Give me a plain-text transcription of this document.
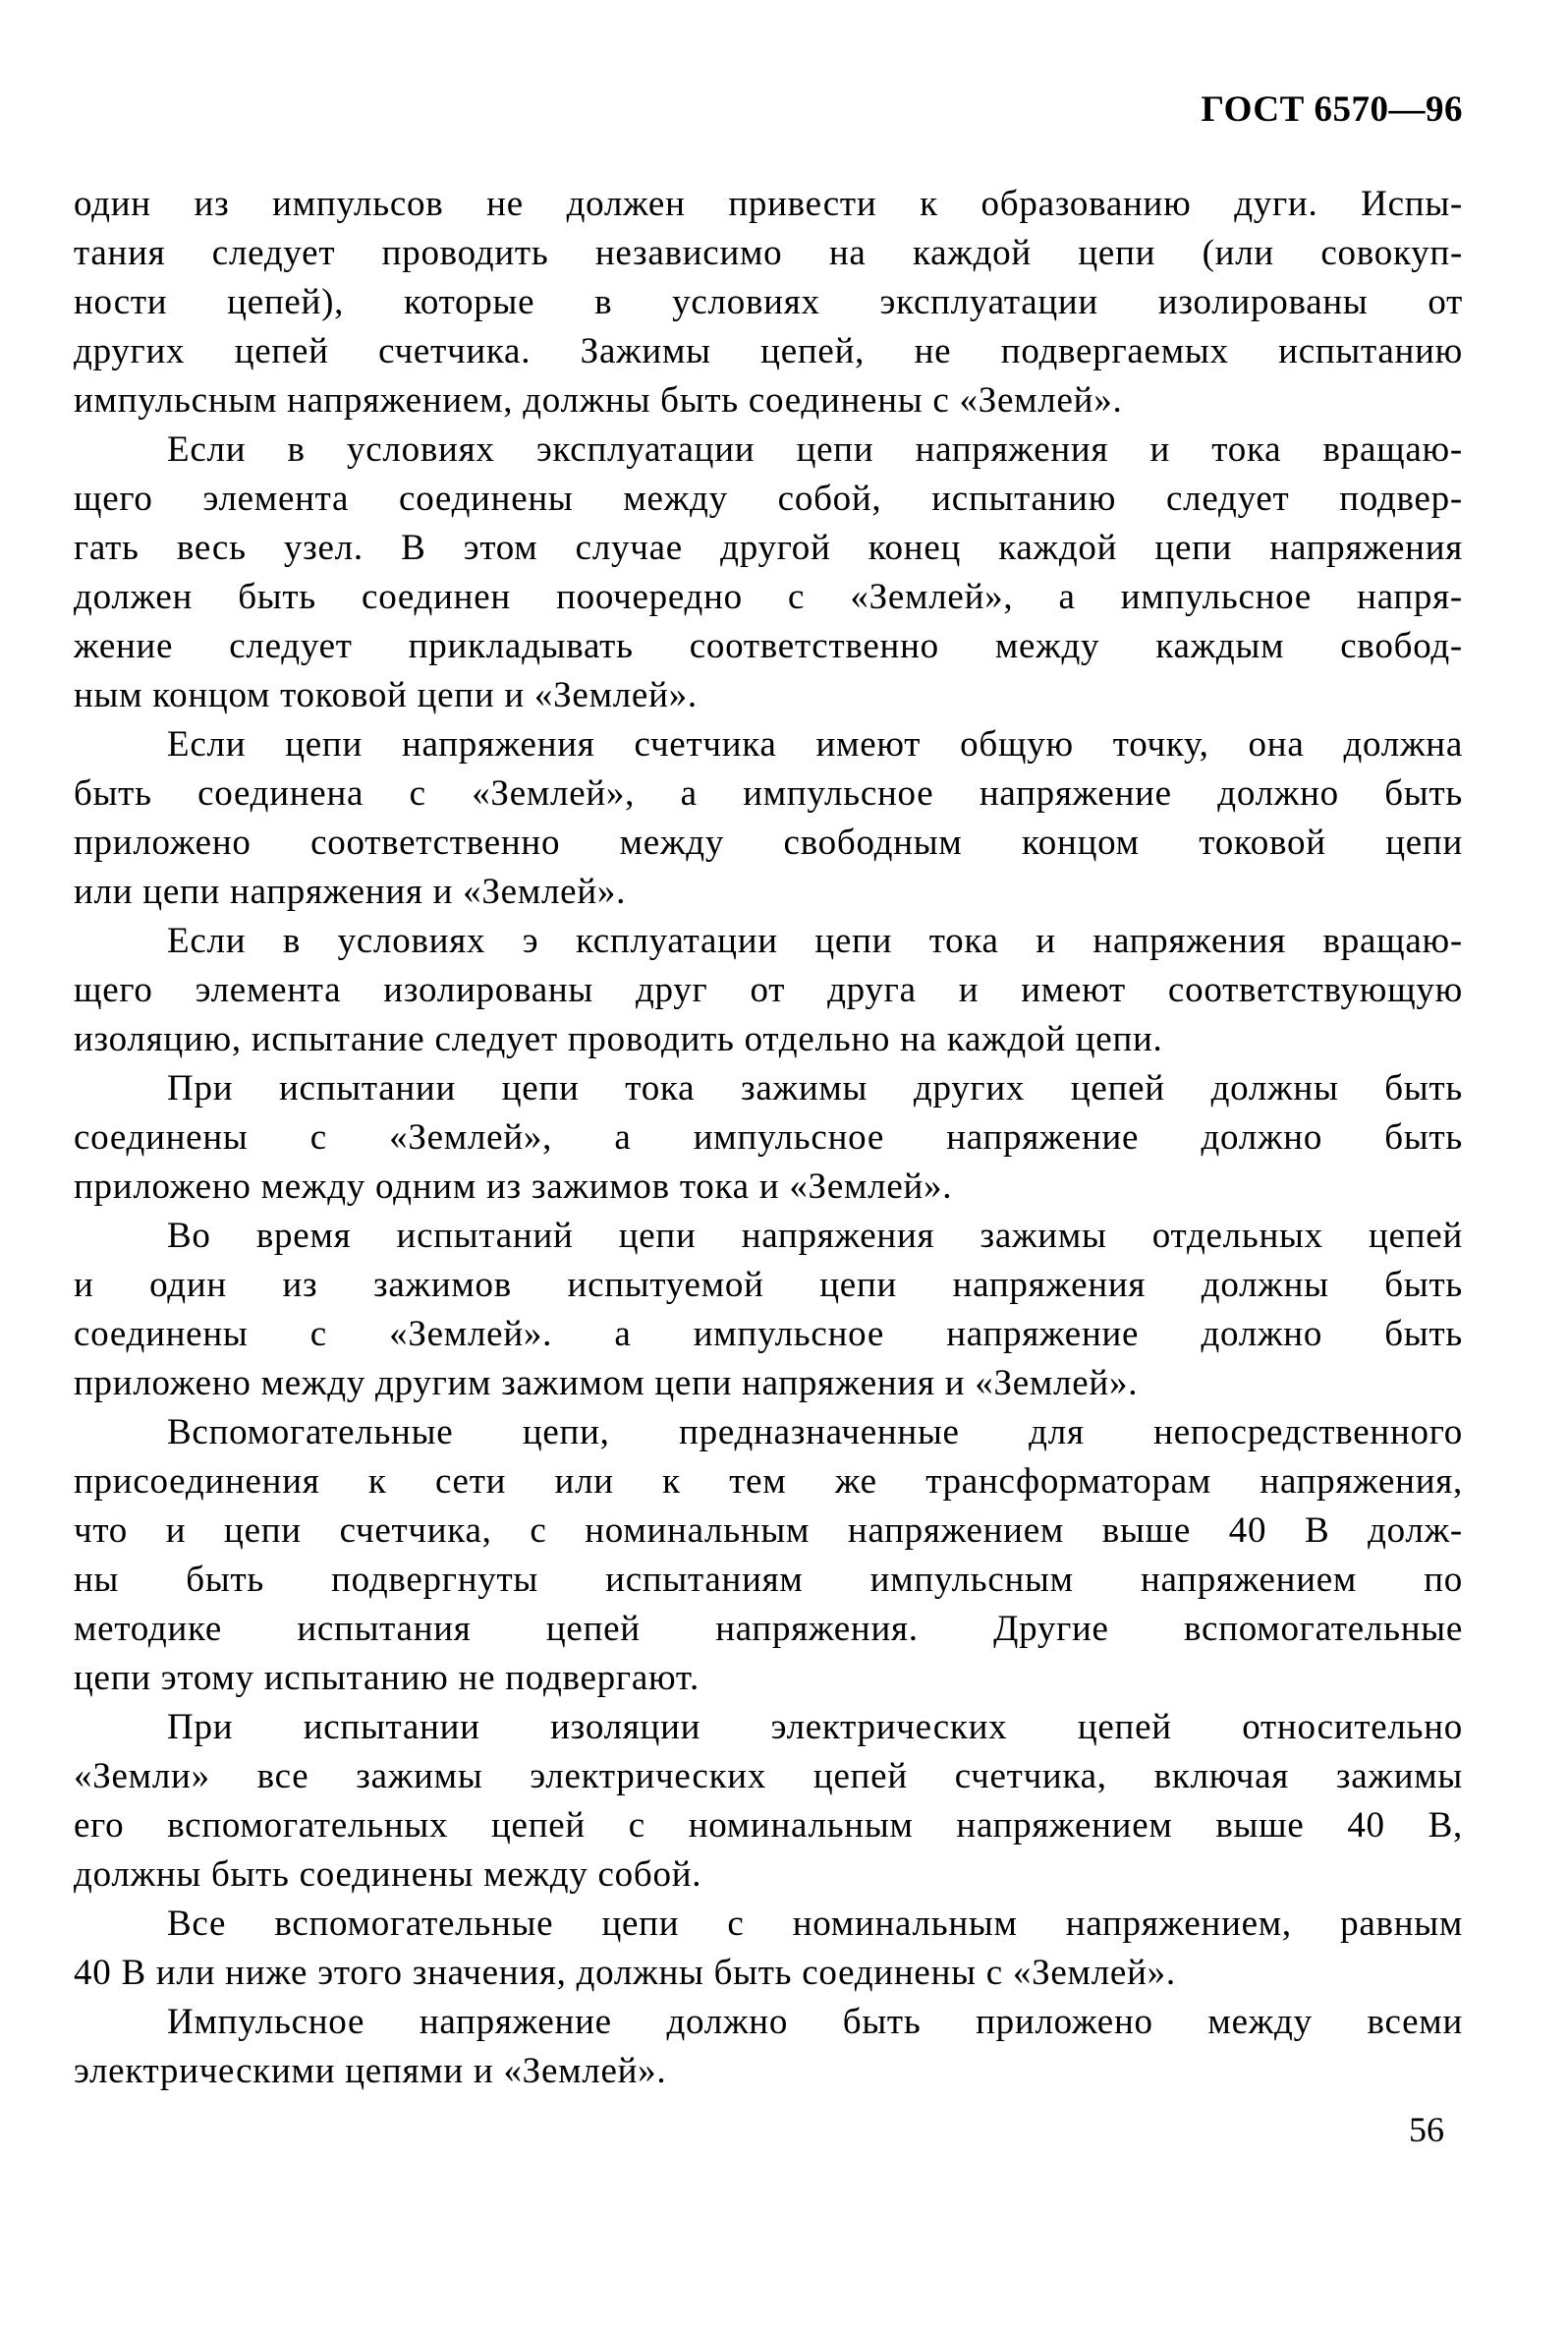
ГОСТ 6570—96
один из импульсов не должен привести к образованию дуги. Испы-
тания следует проводить независимо на каждой цепи (или совокуп-
ности цепей), которые в условиях эксплуатации изолированы от
других цепей счетчика. Зажимы цепей, не подвергаемых испытанию
импульсным напряжением, должны быть соединены с «Землей».
Если в условиях эксплуатации цепи напряжения и тока вращаю-
щего элемента соединены между собой, испытанию следует подвер-
гать весь узел. В этом случае другой конец каждой цепи напряжения
должен быть соединен поочередно с «Землей», а импульсное напря-
жение следует прикладывать соответственно между каждым свобод-
ным концом токовой цепи и «Землей».
Если цепи напряжения счетчика имеют общую точку, она должна
быть соединена с «Землей», а импульсное напряжение должно быть
приложено соответственно между свободным концом токовой цепи
или цепи напряжения и «Землей».
Если в условиях э ксплуатации цепи тока и напряжения вращаю-
щего элемента изолированы друг от друга и имеют соответствующую
изоляцию, испытание следует проводить отдельно на каждой цепи.
При испытании цепи тока зажимы других цепей должны быть
соединены с «Землей», а импульсное напряжение должно быть
приложено между одним из зажимов тока и «Землей».
Во время испытаний цепи напряжения зажимы отдельных цепей
и один из зажимов испытуемой цепи напряжения должны быть
соединены с «Землей». а импульсное напряжение должно быть
приложено между другим зажимом цепи напряжения и «Землей».
Вспомогательные цепи, предназначенные для непосредственного
присоединения к сети или к тем же трансформаторам напряжения,
что и цепи счетчика, с номинальным напряжением выше 40 В долж-
ны быть подвергнуты испытаниям импульсным напряжением по
методике испытания цепей напряжения. Другие вспомогательные
цепи этому испытанию не подвергают.
При испытании изоляции электрических цепей относительно
«Земли» все зажимы электрических цепей счетчика, включая зажимы
его вспомогательных цепей с номинальным напряжением выше 40 В,
должны быть соединены между собой.
Все вспомогательные цепи с номинальным напряжением, равным
40 В или ниже этого значения, должны быть соединены с «Землей».
Импульсное напряжение должно быть приложено между всеми
электрическими цепями и «Землей».
56
